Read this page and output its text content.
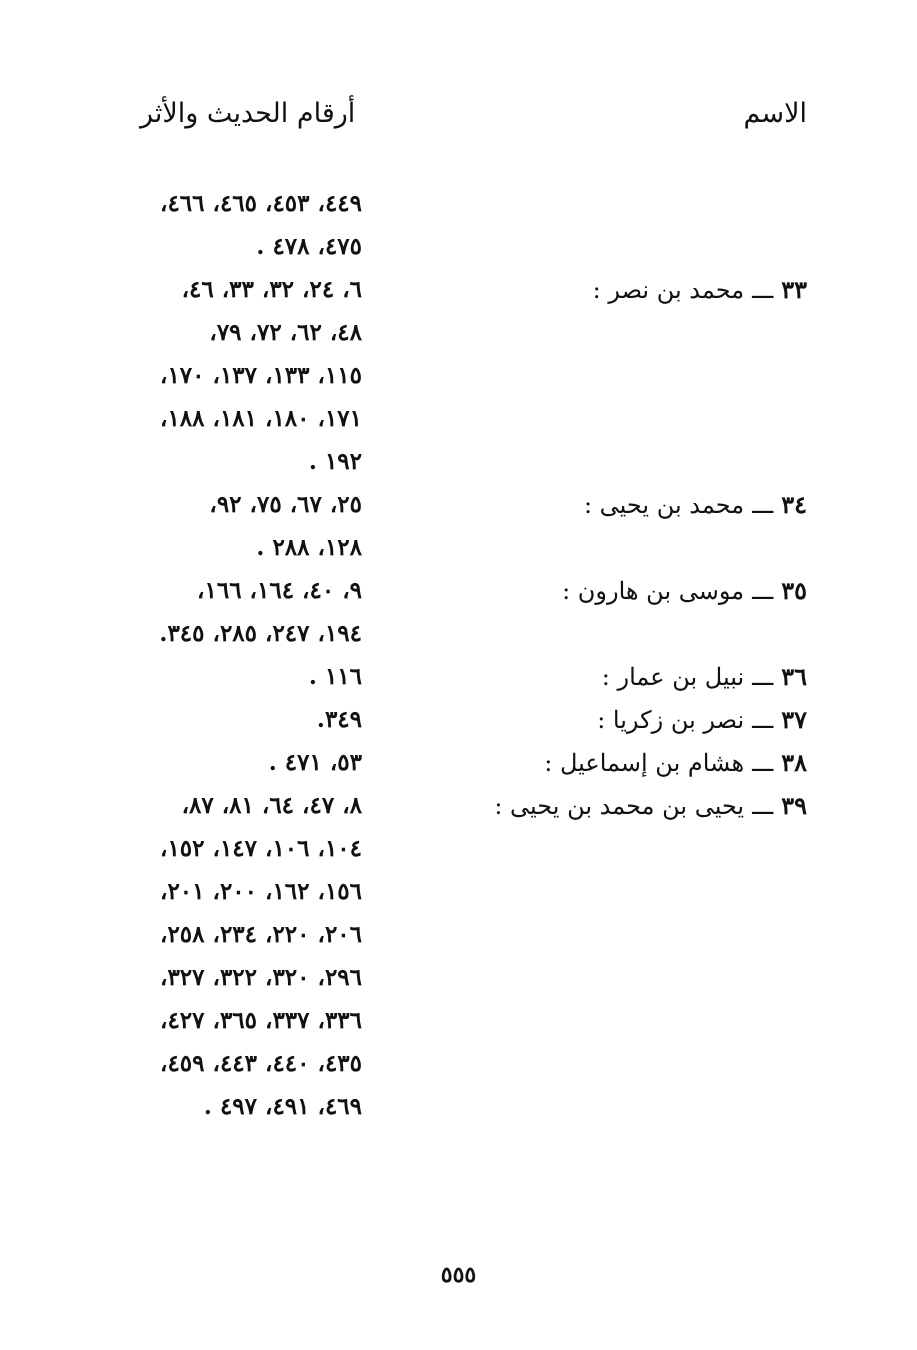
الاسم
أرقام الحديث والأثر
٤٤٩، ٤٥٣، ٤٦٥، ٤٦٦،
٤٧٥، ٤٧٨ .
٦، ٢٤، ٣٢، ٣٣، ٤٦،
٤٨، ٦٢، ٧٢، ٧٩،
١١٥، ١٣٣، ١٣٧، ١٧٠،
١٧١، ١٨٠، ١٨١، ١٨٨،
١٩٢ .
٢٥، ٦٧، ٧٥، ٩٢،
١٢٨، ٢٨٨ .
٩، ٤٠، ١٦٤، ١٦٦،
١٩٤، ٢٤٧، ٢٨٥، ٣٤٥.
١١٦ .
٣٤٩.
٥٣، ٤٧١ .
٨، ٤٧، ٦٤، ٨١، ٨٧،
١٠٤، ١٠٦، ١٤٧، ١٥٢،
١٥٦، ١٦٢، ٢٠٠، ٢٠١،
٢٠٦، ٢٢٠، ٢٣٤، ٢٥٨،
٢٩٦، ٣٢٠، ٣٢٢، ٣٢٧،
٣٣٦، ٣٣٧، ٣٦٥، ٤٢٧،
٤٣٥، ٤٤٠، ٤٤٣، ٤٥٩،
٤٦٩، ٤٩١، ٤٩٧ .
٣٣ـــمحمد بن نصر :
٣٤ـــمحمد بن يحيى :
٣٥ـــموسى بن هارون :
٣٦ـــنبيل بن عمار :
٣٧ـــنصر بن زكريا :
٣٨ـــهشام بن إسماعيل :
٣٩ـــيحيى بن محمد بن يحيى :
٥٥٥
